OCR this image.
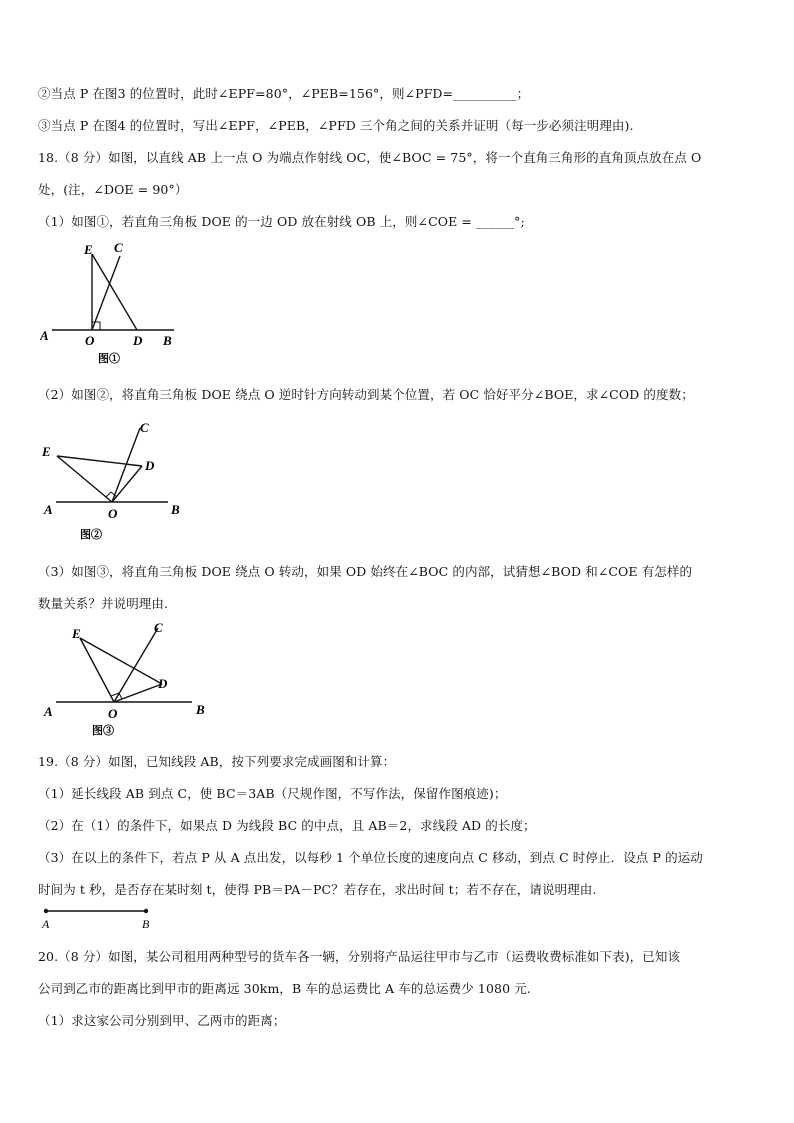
②当点 P 在图3 的位置时，此时∠EPF=80°，∠PEB=156°，则∠PFD=__________；
③当点 P 在图4 的位置时，写出∠EPF，∠PEB，∠PFD 三个角之间的关系并证明（每一步必须注明理由).
18.（8 分）如图，以直线 AB 上一点 O 为端点作射线 OC，使∠BOC = 75°，将一个直角三角形的直角顶点放在点 O
处，(注，∠DOE = 90°）
（1）如图①，若直角三角板 DOE 的一边 OD 放在射线 OB 上，则∠COE = ______°;
E C
A	O	D B
图①
（2）如图②，将直角三角板 DOE 绕点 O 逆时针方向转动到某个位置，若 OC 恰好平分∠BOE，求∠COD 的度数；
C
E
D
A	O	B
图②
（3）如图③，将直角三角板 DOE 绕点 O 转动，如果 OD 始终在∠BOC 的内部，试猜想∠BOD 和∠COE 有怎样的
数量关系？并说明理由.
E	C
D
A	O	B
图③
19.（8 分）如图，已知线段 AB，按下列要求完成画图和计算：
（1）延长线段 AB 到点 C，使 BC＝3AB（尺规作图，不写作法，保留作图痕迹)；
（2）在（1）的条件下，如果点 D 为线段 BC 的中点，且 AB＝2，求线段 AD 的长度；
（3）在以上的条件下，若点 P 从 A 点出发，以每秒 1 个单位长度的速度向点 C 移动，到点 C 时停止．设点 P 的运动
时间为 t 秒，是否存在某时刻 t，使得 PB＝PA－PC？若存在，求出时间 t；若不存在，请说明理由.
A	B
20.（8 分）如图，某公司租用两种型号的货车各一辆，分别将产品运往甲市与乙市（运费收费标准如下表)，已知该
公司到乙市的距离比到甲市的距离远 30km，B 车的总运费比 A 车的总运费少 1080 元.
（1）求这家公司分别到甲、乙两市的距离；
